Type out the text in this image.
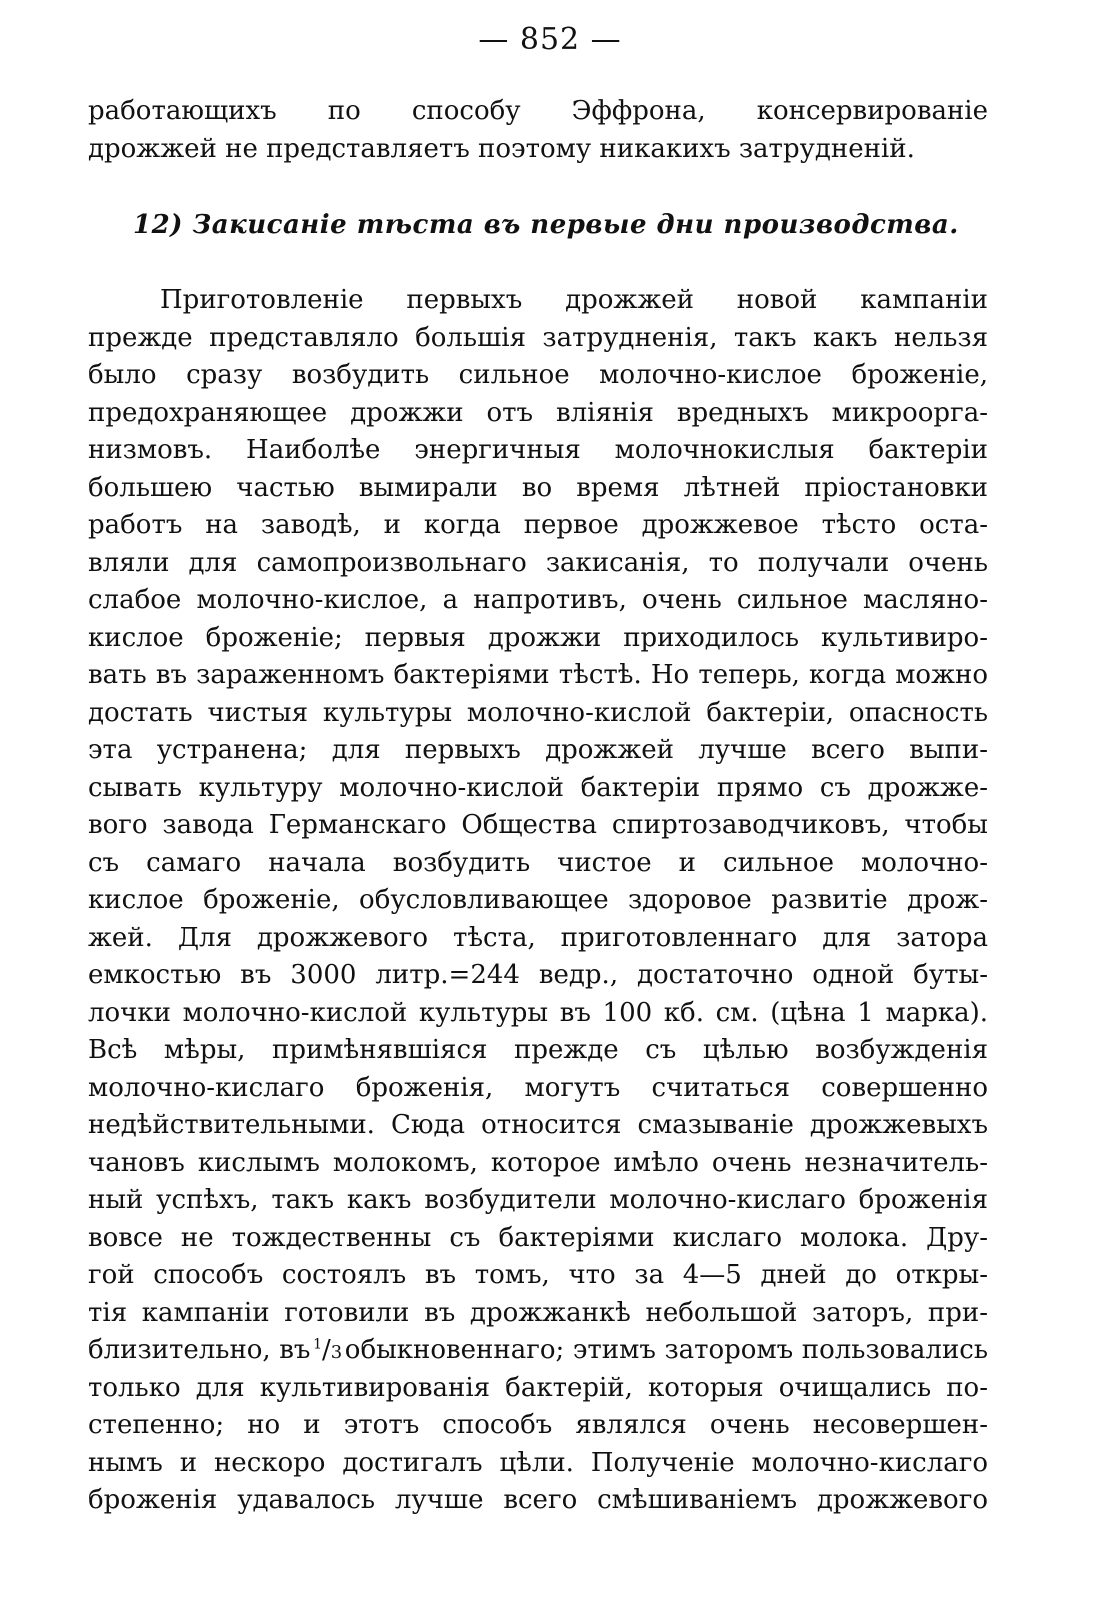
— 852 —
работающихъ по способу Эффрона, консервированіе
дрожжей не представляетъ поэтому никакихъ затрудненій.
12) Закисаніе тѣста въ первые дни производства.
Приготовленіе первыхъ дрожжей новой кампаніи
прежде представляло большія затрудненія, такъ какъ нельзя
было сразу возбудить сильное молочно-кислое броженіе,
предохраняющее дрожжи отъ вліянія вредныхъ микроорга-
низмовъ. Наиболѣе энергичныя молочнокислыя бактеріи
большею частью вымирали во время лѣтней пріостановки
работъ на заводѣ, и когда первое дрожжевое тѣсто оста-
вляли для самопроизвольнаго закисанія, то получали очень
слабое молочно-кислое, а напротивъ, очень сильное масляно-
кислое броженіе; первыя дрожжи приходилось культивиро-
вать въ зараженномъ бактеріями тѣстѣ. Но теперь, когда можно
достать чистыя культуры молочно-кислой бактеріи, опасность
эта устранена; для первыхъ дрожжей лучше всего выпи-
сывать культуру молочно-кислой бактеріи прямо съ дрожже-
вого завода Германскаго Общества спиртозаводчиковъ, чтобы
съ самаго начала возбудить чистое и сильное молочно-
кислое броженіе, обусловливающее здоровое развитіе дрож-
жей. Для дрожжевого тѣста, приготовленнаго для затора
емкостью въ 3000 литр.=244 ведр., достаточно одной буты-
лочки молочно-кислой культуры въ 100 кб. см. (цѣна 1 марка).
Всѣ мѣры, примѣнявшіяся прежде съ цѣлью возбужденія
молочно-кислаго броженія, могутъ считаться совершенно
недѣйствительными. Сюда относится смазываніе дрожжевыхъ
чановъ кислымъ молокомъ, которое имѣло очень незначитель-
ный успѣхъ, такъ какъ возбудители молочно-кислаго броженія
вовсе не тождественны съ бактеріями кислаго молока. Дру-
гой способъ состоялъ въ томъ, что за 4—5 дней до откры-
тія кампаніи готовили въ дрожжанкѣ небольшой заторъ, при-
близительно, въ  $^1$/3 обыкновеннаго; этимъ заторомъ пользовались
только для культивированія бактерій, которыя очищались по-
степенно; но и этотъ способъ являлся очень несовершен-
нымъ и нескоро достигалъ цѣли. Полученіе молочно-кислаго
броженія удавалось лучше всего смѣшиваніемъ дрожжевого
